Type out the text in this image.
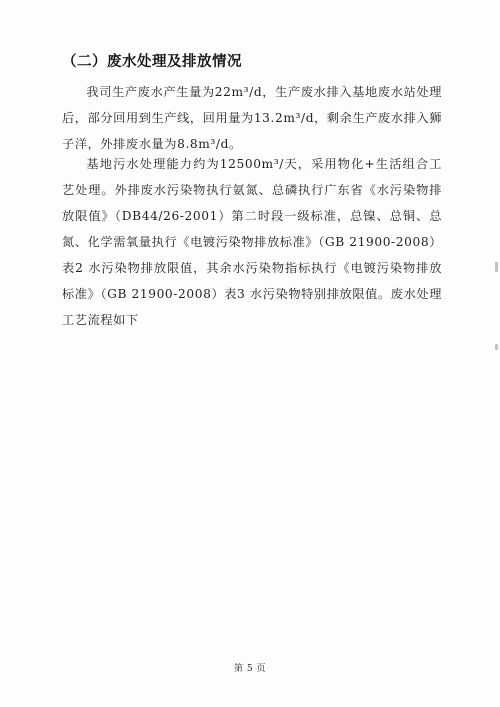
（二）废水处理及排放情况

我司生产废水产生量为22m³/d，生产废水排入基地废水站处理后，部分回用到生产线，回用量为13.2m³/d，剩余生产废水排入狮子洋，外排废水量为8.8m³/d。

基地污水处理能力约为12500m³/天，采用物化+生活组合工艺处理。外排废水污染物执行氨氮、总磷执行广东省《水污染物排放限值》（DB44/26-2001）第二时段一级标准，总镍、总铜、总氮、化学需氧量执行《电镀污染物排放标准》（GB 21900-2008）表2 水污染物排放限值，其余水污染物指标执行《电镀污染物排放标准》（GB 21900-2008）表3 水污染物特别排放限值。废水处理工艺流程如下

第 5 页
